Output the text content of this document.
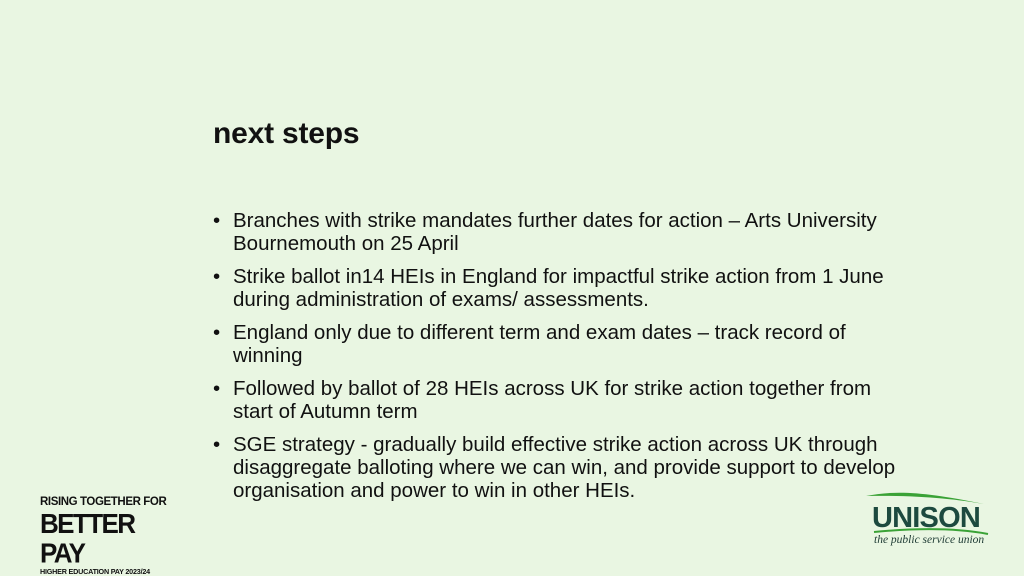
next steps
• Branches with strike mandates further dates for action – Arts University Bournemouth on 25 April
• Strike ballot in14 HEIs in England for impactful strike action from 1 June during administration of exams/ assessments.
• England only due to different term and exam dates – track record of winning
• Followed by ballot of 28 HEIs across UK for strike action together from start of Autumn term
• SGE strategy - gradually build effective strike action across UK through disaggregate balloting where we can win, and provide support to develop organisation and power to win in other HEIs.
RISING TOGETHER FOR
BETTER PAY
HIGHER EDUCATION PAY 2023/24
UNISON
the public service union
